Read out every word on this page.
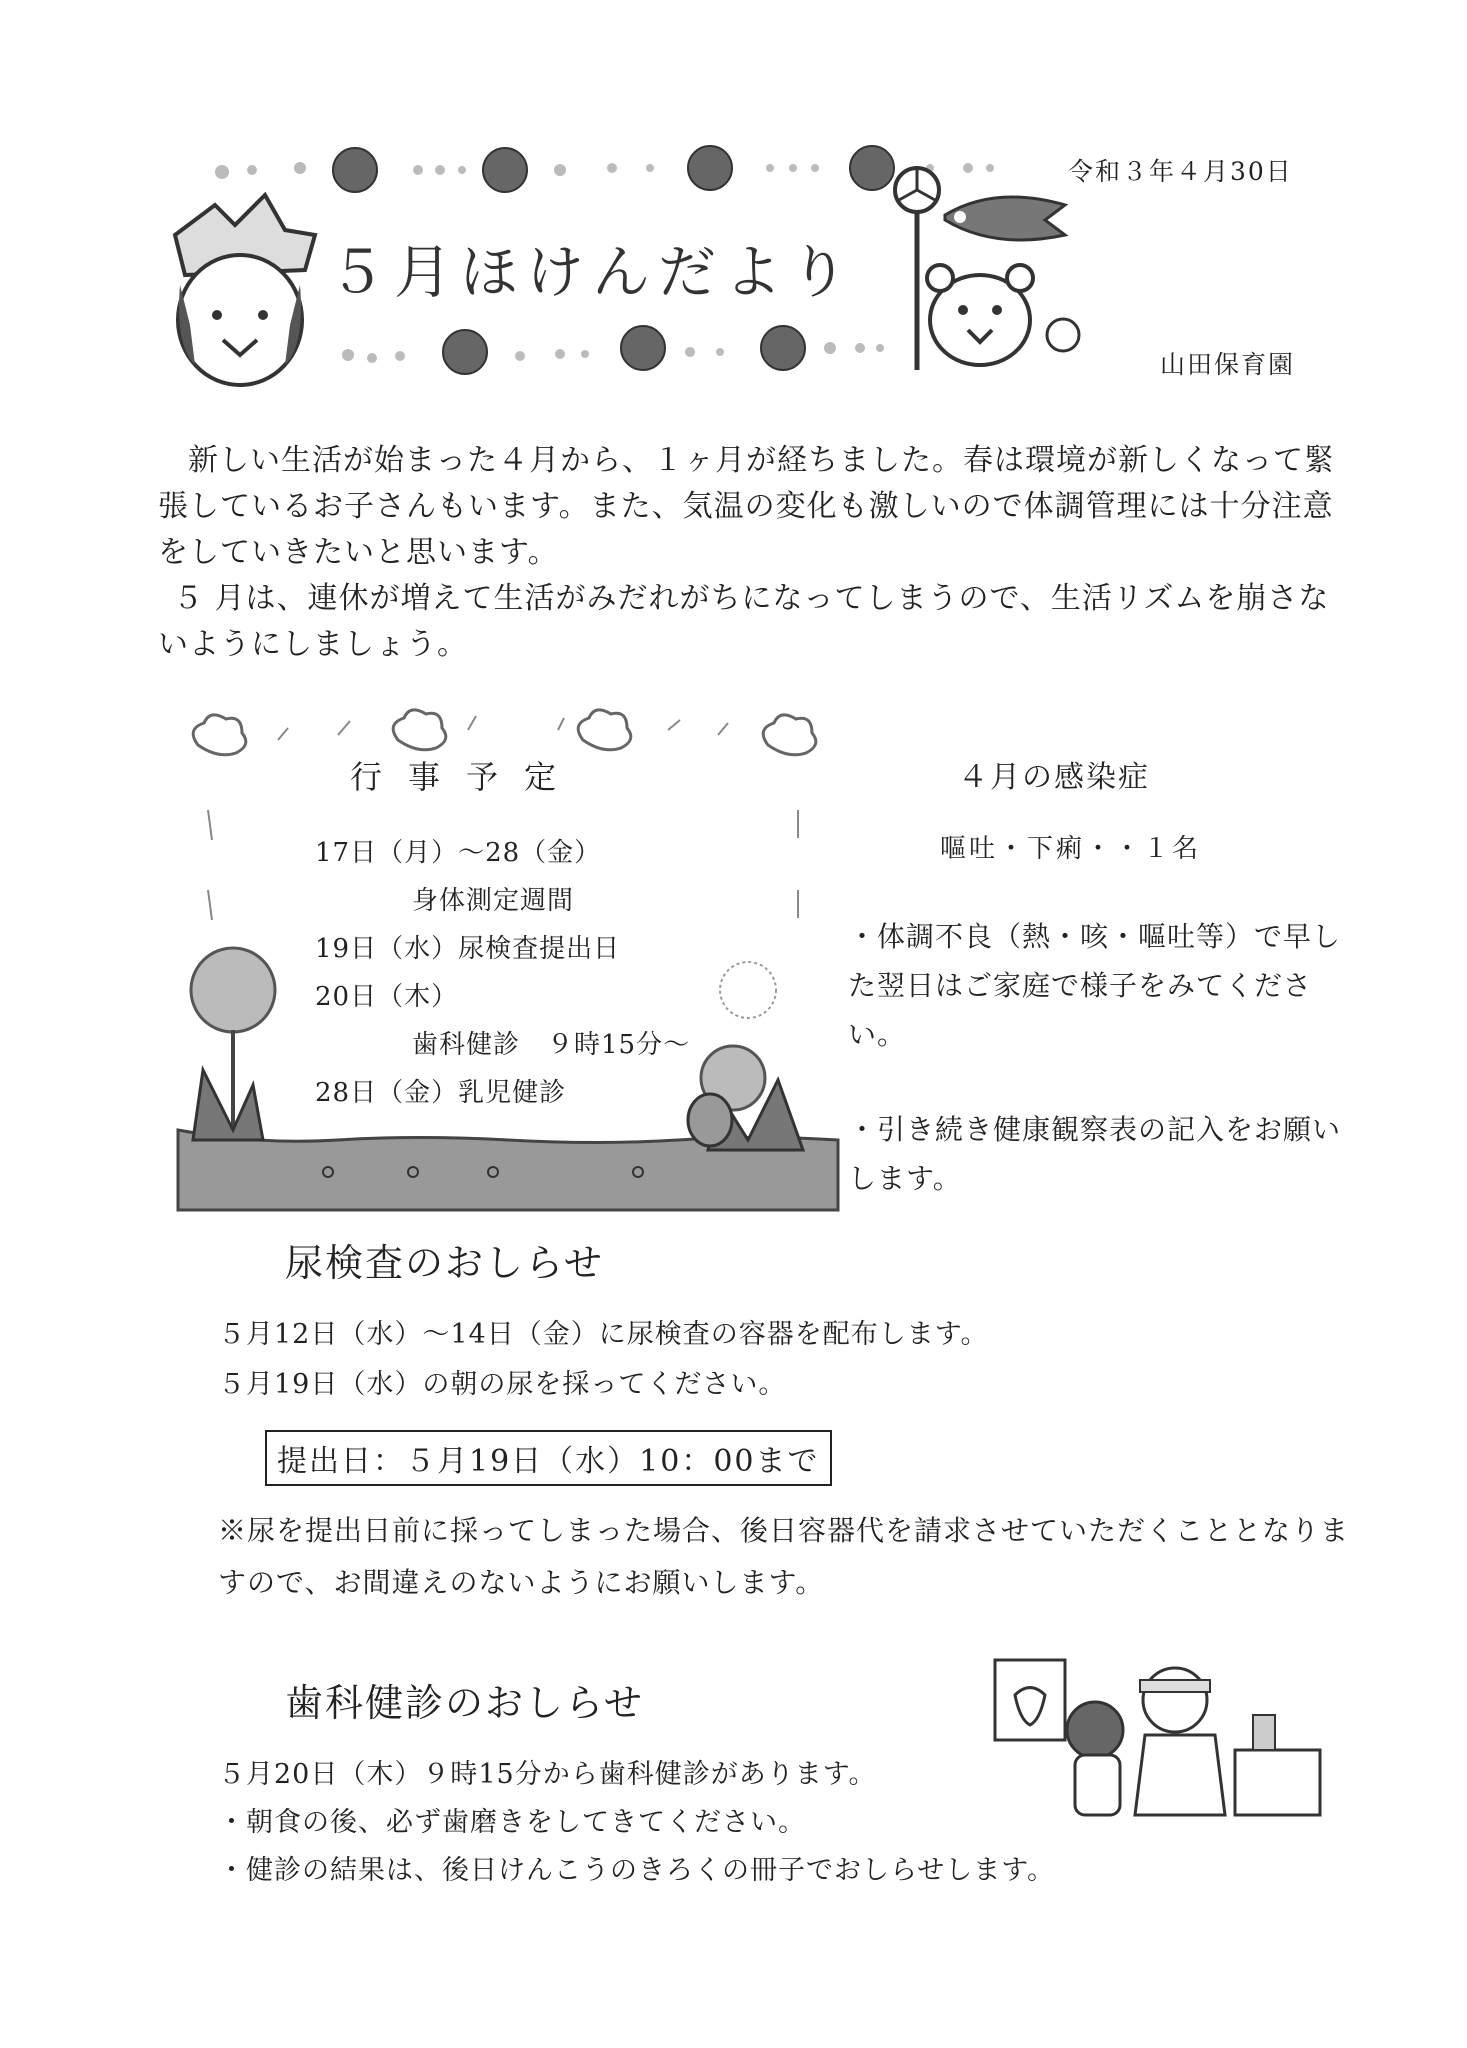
５月ほけんだより
令和３年４月30日
山田保育園

新しい生活が始まった４月から、１ヶ月が経ちました。春は環境が新しくなって緊張しているお子さんもいます。また、気温の変化も激しいので体調管理には十分注意をしていきたいと思います。

５ 月は、連休が増えて生活がみだれがちになってしまうので、生活リズムを崩さないようにしましょう。

行事予定
17日（月）～28（金）
身体測定週間
19日（水）尿検査提出日
20日（木）
歯科健診　９時15分～
28日（金）乳児健診
４月の感染症
嘔吐・下痢・・１名
・体調不良（熱・咳・嘔吐等）で早した翌日はご家庭で様子をみてください。
・引き続き健康観察表の記入をお願いします。
尿検査のおしらせ
５月12日（水）～14日（金）に尿検査の容器を配布します。
５月19日（水）の朝の尿を採ってください。
提出日：５月19日（水）10：00まで
※尿を提出日前に採ってしまった場合、後日容器代を請求させていただくこととなりますので、お間違えのないようにお願いします。
歯科健診のおしらせ
５月20日（木）９時15分から歯科健診があります。
・朝食の後、必ず歯磨きをしてきてください。
・健診の結果は、後日けんこうのきろくの冊子でおしらせします。
